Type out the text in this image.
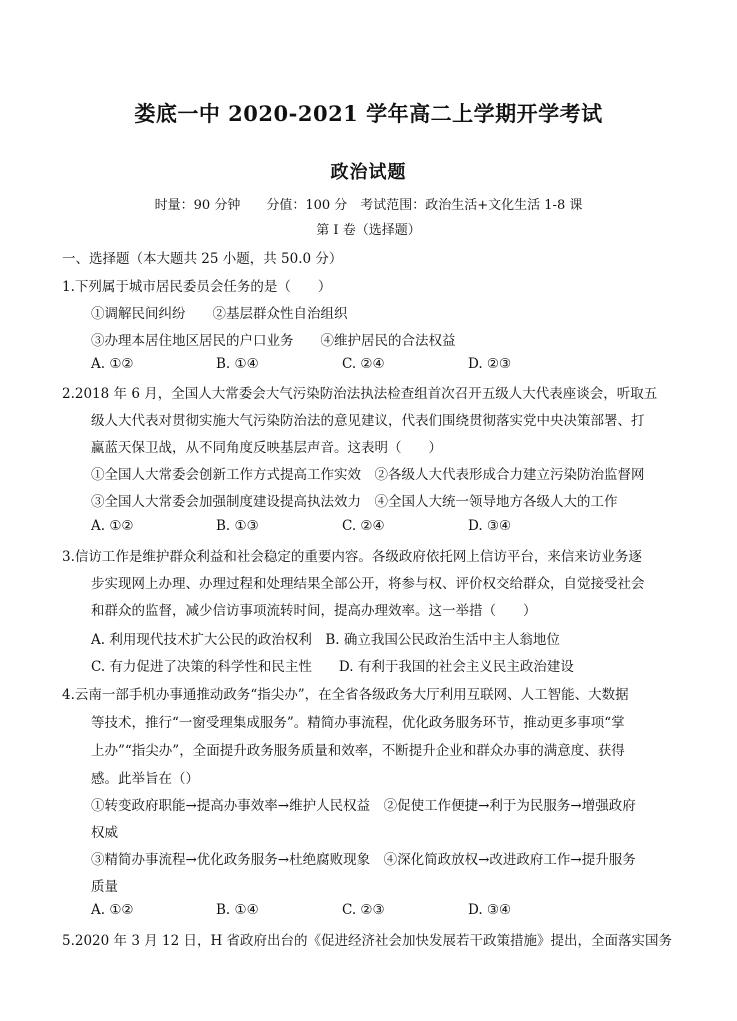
娄底一中 2020-2021 学年高二上学期开学考试
政治试题
时量：90 分钟　　分值：100 分　考试范围：政治生活+文化生活 1-8 课
第 I 卷（选择题）
一、选择题（本大题共 25 小题，共 50.0 分）
1.下列属于城市居民委员会任务的是（　　）
①调解民间纠纷　　②基层群众性自治组织
③办理本居住地区居民的户口业务　　④维护居民的合法权益
A. ①②	B. ①④	C. ②④	D. ②③
2.2018 年 6 月，全国人大常委会大气污染防治法执法检查组首次召开五级人大代表座谈会，听取五
级人大代表对贯彻实施大气污染防治法的意见建议，代表们围绕贯彻落实党中央决策部署、打
赢蓝天保卫战，从不同角度反映基层声音。这表明（　　）
①全国人大常委会创新工作方式提高工作实效　②各级人大代表形成合力建立污染防治监督网
③全国人大常委会加强制度建设提高执法效力　④全国人大统一领导地方各级人大的工作
A. ①②	B. ①③	C. ②④	D. ③④
3.信访工作是维护群众利益和社会稳定的重要内容。各级政府依托网上信访平台，来信来访业务逐
步实现网上办理、办理过程和处理结果全部公开，将参与权、评价权交给群众，自觉接受社会
和群众的监督，减少信访事项流转时间，提高办理效率。这一举措（　　）
A. 利用现代技术扩大公民的政治权利　B. 确立我国公民政治生活中主人翁地位
C. 有力促进了决策的科学性和民主性　　D. 有利于我国的社会主义民主政治建设
4.云南一部手机办事通推动政务“指尖办”，在全省各级政务大厅利用互联网、人工智能、大数据
等技术，推行“一窗受理集成服务”。精简办事流程，优化政务服务环节，推动更多事项“掌
上办”“指尖办”，全面提升政务服务质量和效率，不断提升企业和群众办事的满意度、获得
感。此举旨在（）
①转变政府职能→提高办事效率→维护人民权益　②促使工作便捷→利于为民服务→增强政府
权威
③精简办事流程→优化政务服务→杜绝腐败现象　④深化简政放权→改进政府工作→提升服务
质量
A. ①②	B. ①④	C. ②③	D. ③④
5.2020 年 3 月 12 日，H 省政府出台的《促进经济社会加快发展若干政策措施》提出，全面落实国务
